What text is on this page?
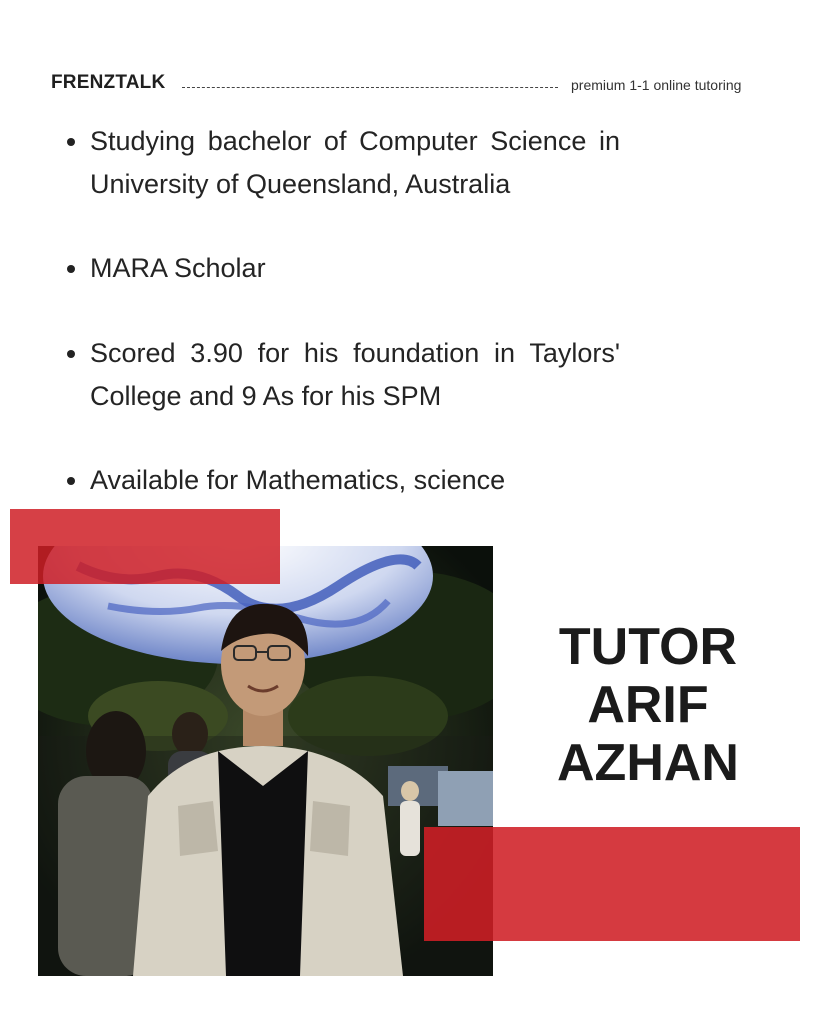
FRENZTALK	premium 1-1 online tutoring
Studying bachelor of Computer Science in University of Queensland, Australia
MARA Scholar
Scored 3.90 for his foundation in Taylors' College and 9 As for his SPM
Available for Mathematics, science
TUTOR
ARIF AZHAN
